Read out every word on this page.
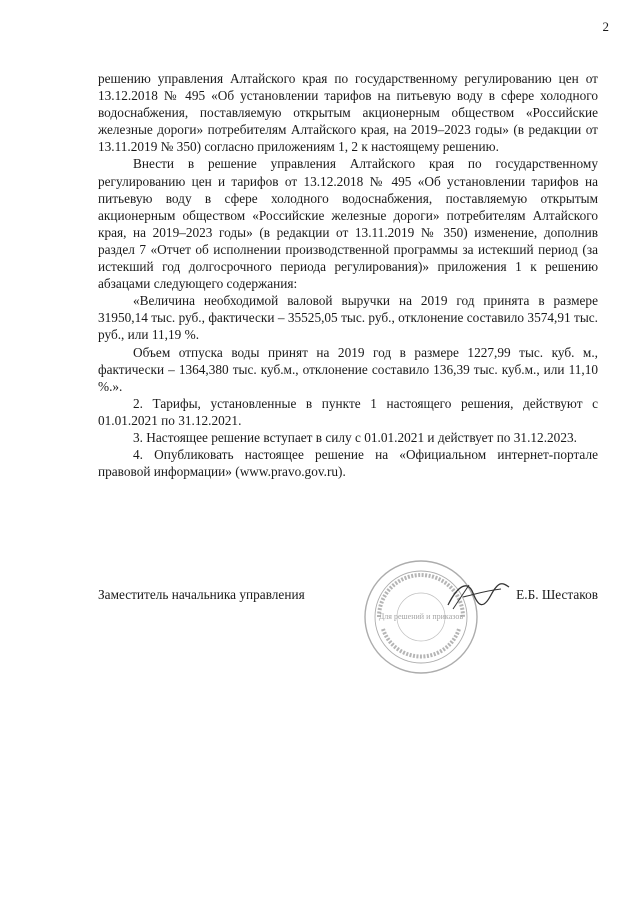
2

решению управления Алтайского края по государственному регулированию цен от 13.12.2018 № 495 «Об установлении тарифов на питьевую воду в сфере холодного водоснабжения, поставляемую открытым акционерным обществом «Российские железные дороги» потребителям Алтайского края, на 2019–2023 годы» (в редакции от 13.11.2019 № 350) согласно приложениям 1, 2 к настоящему решению.

Внести в решение управления Алтайского края по государственному регулированию цен и тарифов от 13.12.2018 № 495 «Об установлении тарифов на питьевую воду в сфере холодного водоснабжения, поставляемую открытым акционерным обществом «Российские железные дороги» потребителям Алтайского края, на 2019–2023 годы» (в редакции от 13.11.2019 № 350) изменение, дополнив раздел 7 «Отчет об исполнении производственной программы за истекший период (за истекший год долгосрочного периода регулирования)» приложения 1 к решению абзацами следующего содержания:

«Величина необходимой валовой выручки на 2019 год принята в размере 31950,14 тыс. руб., фактически – 35525,05 тыс. руб., отклонение составило 3574,91 тыс. руб., или 11,19 %.

Объем отпуска воды принят на 2019 год в размере 1227,99 тыс. куб. м., фактически – 1364,380 тыс. куб.м., отклонение составило 136,39 тыс. куб.м., или 11,10 %.».

2. Тарифы, установленные в пункте 1 настоящего решения, действуют с 01.01.2021 по 31.12.2021.

3. Настоящее решение вступает в силу с 01.01.2021 и действует по 31.12.2023.

4. Опубликовать настоящее решение на «Официальном интернет-портале правовой информации» (www.pravo.gov.ru).

Заместитель начальника управления
Для решений и приказов
Е.Б. Шестаков
